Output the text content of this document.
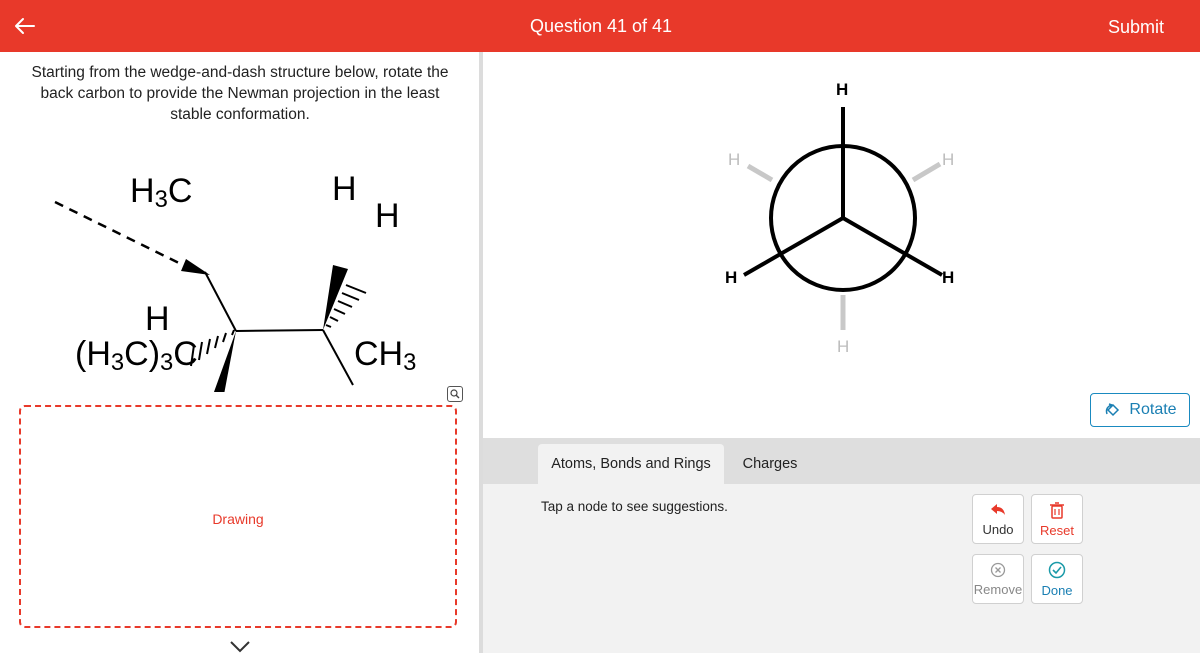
Question 41 of 41	Submit
Starting from the wedge-and-dash structure below, rotate the back carbon to provide the Newman projection in the least stable conformation.
$H_3C$
H
$(H_3C)_3C$
H
H
$CH_3$
Drawing
H
H	H
H	H
H
Rotate
Atoms, Bonds and Rings	Charges
Tap a node to see suggestions.
Undo Reset
Remove Done
